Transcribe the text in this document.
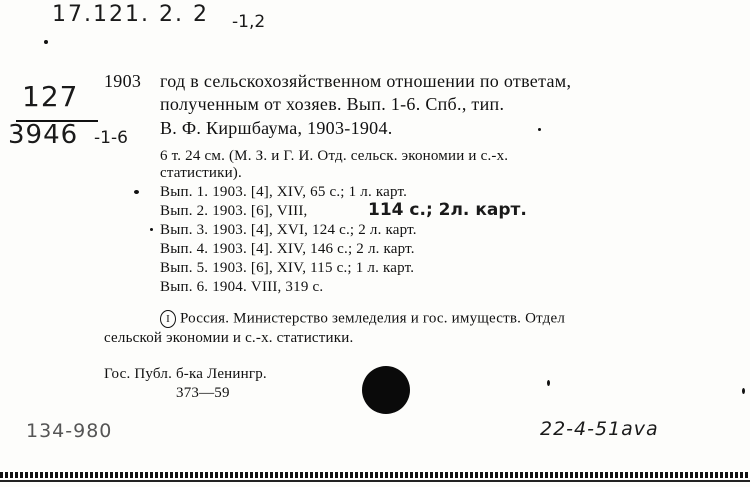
17.121. 2. 2 -1,2
127
3946 -1-6
1903 год в сельскохозяйственном отношении по ответам,
полученным от хозяев. Вып. 1-6. Спб., тип.
В. Ф. Киршбаума, 1903-1904.
6 т. 24 см. (М. З. и Г. И. Отд. сельск. экономии и с.-х.
статистики).
Вып. 1. 1903. [4], XIV, 65 с.; 1 л. карт.
Вып. 2. 1903. [6], VIII,	114 с.; 2л. карт.
Вып. 3. 1903. [4], XVI, 124 с.; 2 л. карт.
Вып. 4. 1903. [4]. XIV, 146 с.; 2 л. карт.
Вып. 5. 1903. [6], XIV, 115 с.; 1 л. карт.
Вып. 6. 1904. VIII, 319 с.
I Россия. Министерство земледелия и гос. имуществ. Отдел
сельской экономии и с.-х. статистики.
Гос. Публ. б-ка Ленингр.
373—59
134-980	22-4-51ava
